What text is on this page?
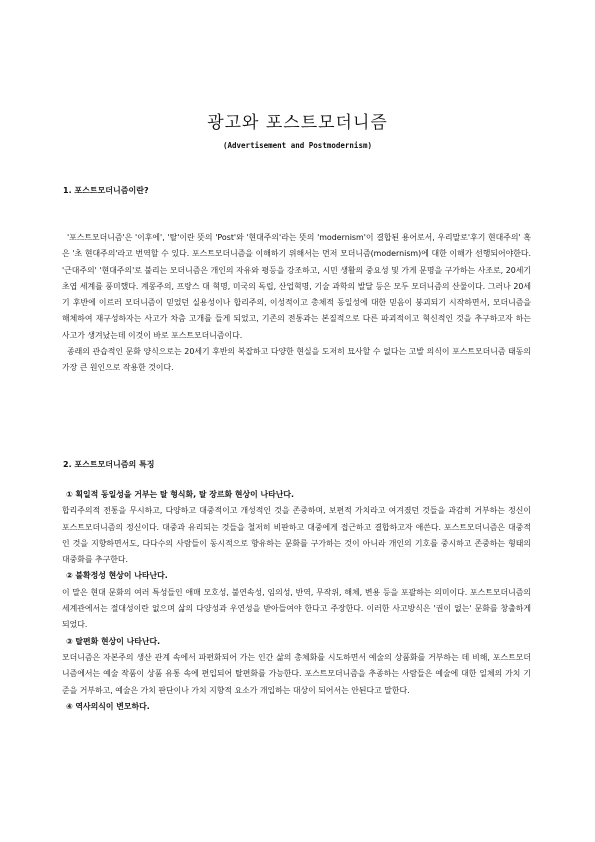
광고와 포스트모더니즘
(Advertisement and Postmodernism)
1. 포스트모더니즘이란?

'포스트모더니즘'은 '이후에', '탈'이란 뜻의 'Post'와 '현대주의'라는 뜻의 'modernism'이 결합된 용어로서, 우리말로'후기 현대주의' 혹은 '초 현대주의'라고 번역할 수 있다. 포스트모더니즘을 이해하기 위해서는 먼저 모더니즘(modernism)에 대한 이해가 선행되어야한다. '근대주의' '현대주의'로 불리는 모더니즘은 개인의 자유와 평등을 강조하고, 시민 생활의 중요성 및 가게 문명을 구가하는 사조로, 20세기 초엽 세계를 풍미했다. 계몽주의, 프랑스 대 혁명, 미국의 독립, 산업혁명, 기술 과학의 발달 등은 모두 모더니즘의 산물이다. 그러나 20세기 후반에 이르러 모더니즘이 믿었던 실용성이나 합리주의, 이성적이고 총체적 동일성에 대한 믿음이 붕괴되기 시작하면서, 모더니즘을 해체하여 재구성하자는 사고가 차츰 고개를 들게 되었고, 기존의 전통과는 본질적으로 다른 파괴적이고 혁신적인 것을 추구하고자 하는 사고가 생겨났는데 이것이 바로 포스트모더니즘이다.

종래의 관습적인 문화 양식으로는 20세기 후반의 복잡하고 다양한 현실을 도저히 묘사할 수 없다는 고발 의식이 포스트모더니즘 태동의 가장 큰 원인으로 작용한 것이다.

2. 포스트모더니즘의 특징

① 획일적 동일성을 거부는 탈 형식화, 탈 장르화 현상이 나타난다.

합리주의적 전통을 무시하고, 다양하고 대중적이고 개성적인 것을 존중하며, 보편적 가치라고 여겨졌던 것들을 과감히 거부하는 정신이 포스트모더니즘의 정신이다. 대중과 유리되는 것들을 철저히 비판하고 대중에게 접근하고 결합하고자 애쓴다. 포스트모더니즘은 대중적인 것을 지향하면서도, 다다수의 사람들이 동시적으로 향유하는 문화를 구가하는 것이 아니라 개인의 기호를 중시하고 존중하는 형태의 대중화를 추구한다.

② 불확정성 현상이 나타난다.

이 말은 현대 문화의 여러 특성들인 애매 모호성, 불연속성, 임의성, 반역, 무작위, 해체, 변용 등을 포괄하는 의미이다. 포스트모더니즘의 세계관에서는 절대성이란 없으며 삶의 다양성과 우연성을 받아들여야 한다고 주장한다. 이러한 사고방식은 '권이 없는' 문화를 창출하게 되었다.

③ 탈편화 현상이 나타난다.

모더니즘은 자본주의 생산 관계 속에서 파편화되어 가는 인간 삶의 총체화를 시도하면서 예술의 상품화를 거부하는 데 비해, 포스트모더니즘에서는 예술 작품이 상품 유통 속에 편입되어 탈편화를 가능한다. 포스트모더니즘을 추종하는 사람들은 예술에 대한 일체의 가치 기준을 거부하고, 예술은 가치 판단이나 가치 지향적 요소가 개입하는 대상이 되어서는 안된다고 말한다.

④ 역사의식이 변모하다.
